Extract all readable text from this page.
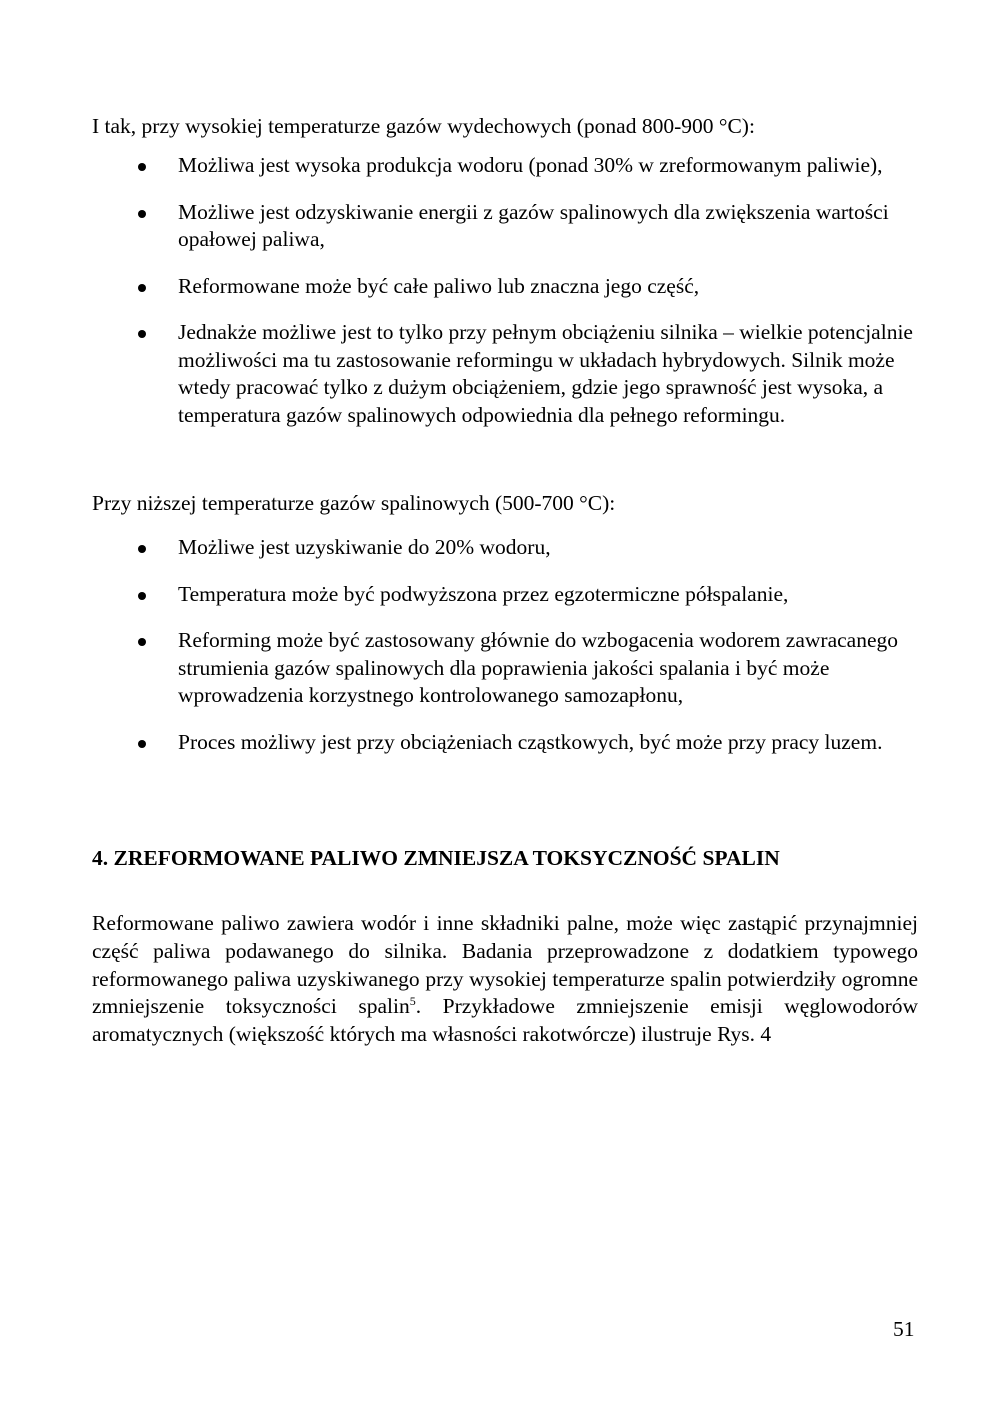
I tak, przy wysokiej temperaturze gazów wydechowych (ponad 800-900 °C):

Możliwa jest wysoka produkcja wodoru (ponad 30% w zreformowanym paliwie),
Możliwe jest odzyskiwanie energii z gazów spalinowych dla zwiększenia wartości opałowej paliwa,
Reformowane może być całe paliwo lub znaczna jego część,
Jednakże możliwe jest to tylko przy pełnym obciążeniu silnika – wielkie potencjalnie możliwości ma tu zastosowanie reformingu w układach hybrydowych. Silnik może wtedy pracować tylko z dużym obciążeniem, gdzie jego sprawność jest wysoka, a temperatura gazów spalinowych odpowiednia dla pełnego reformingu.

Przy niższej temperaturze gazów spalinowych (500-700 °C):

Możliwe jest uzyskiwanie do 20% wodoru,
Temperatura może być podwyższona przez egzotermiczne półspalanie,
Reforming może być zastosowany głównie do wzbogacenia wodorem zawracanego strumienia gazów spalinowych dla poprawienia jakości spalania i być może wprowadzenia korzystnego kontrolowanego samozapłonu,
Proces możliwy jest przy obciążeniach cząstkowych, być może przy pracy luzem.
4. ZREFORMOWANE PALIWO ZMNIEJSZA TOKSYCZNOŚĆ SPALIN

Reformowane paliwo zawiera wodór i inne składniki palne, może więc zastąpić przynajmniej część paliwa podawanego do silnika. Badania przeprowadzone z dodatkiem typowego reformowanego paliwa uzyskiwanego przy wysokiej temperaturze spalin potwierdziły ogromne zmniejszenie toksyczności spalin$^5$. Przykładowe zmniejszenie emisji węglowodorów aromatycznych (większość których ma własności rakotwórcze) ilustruje Rys. 4

51
